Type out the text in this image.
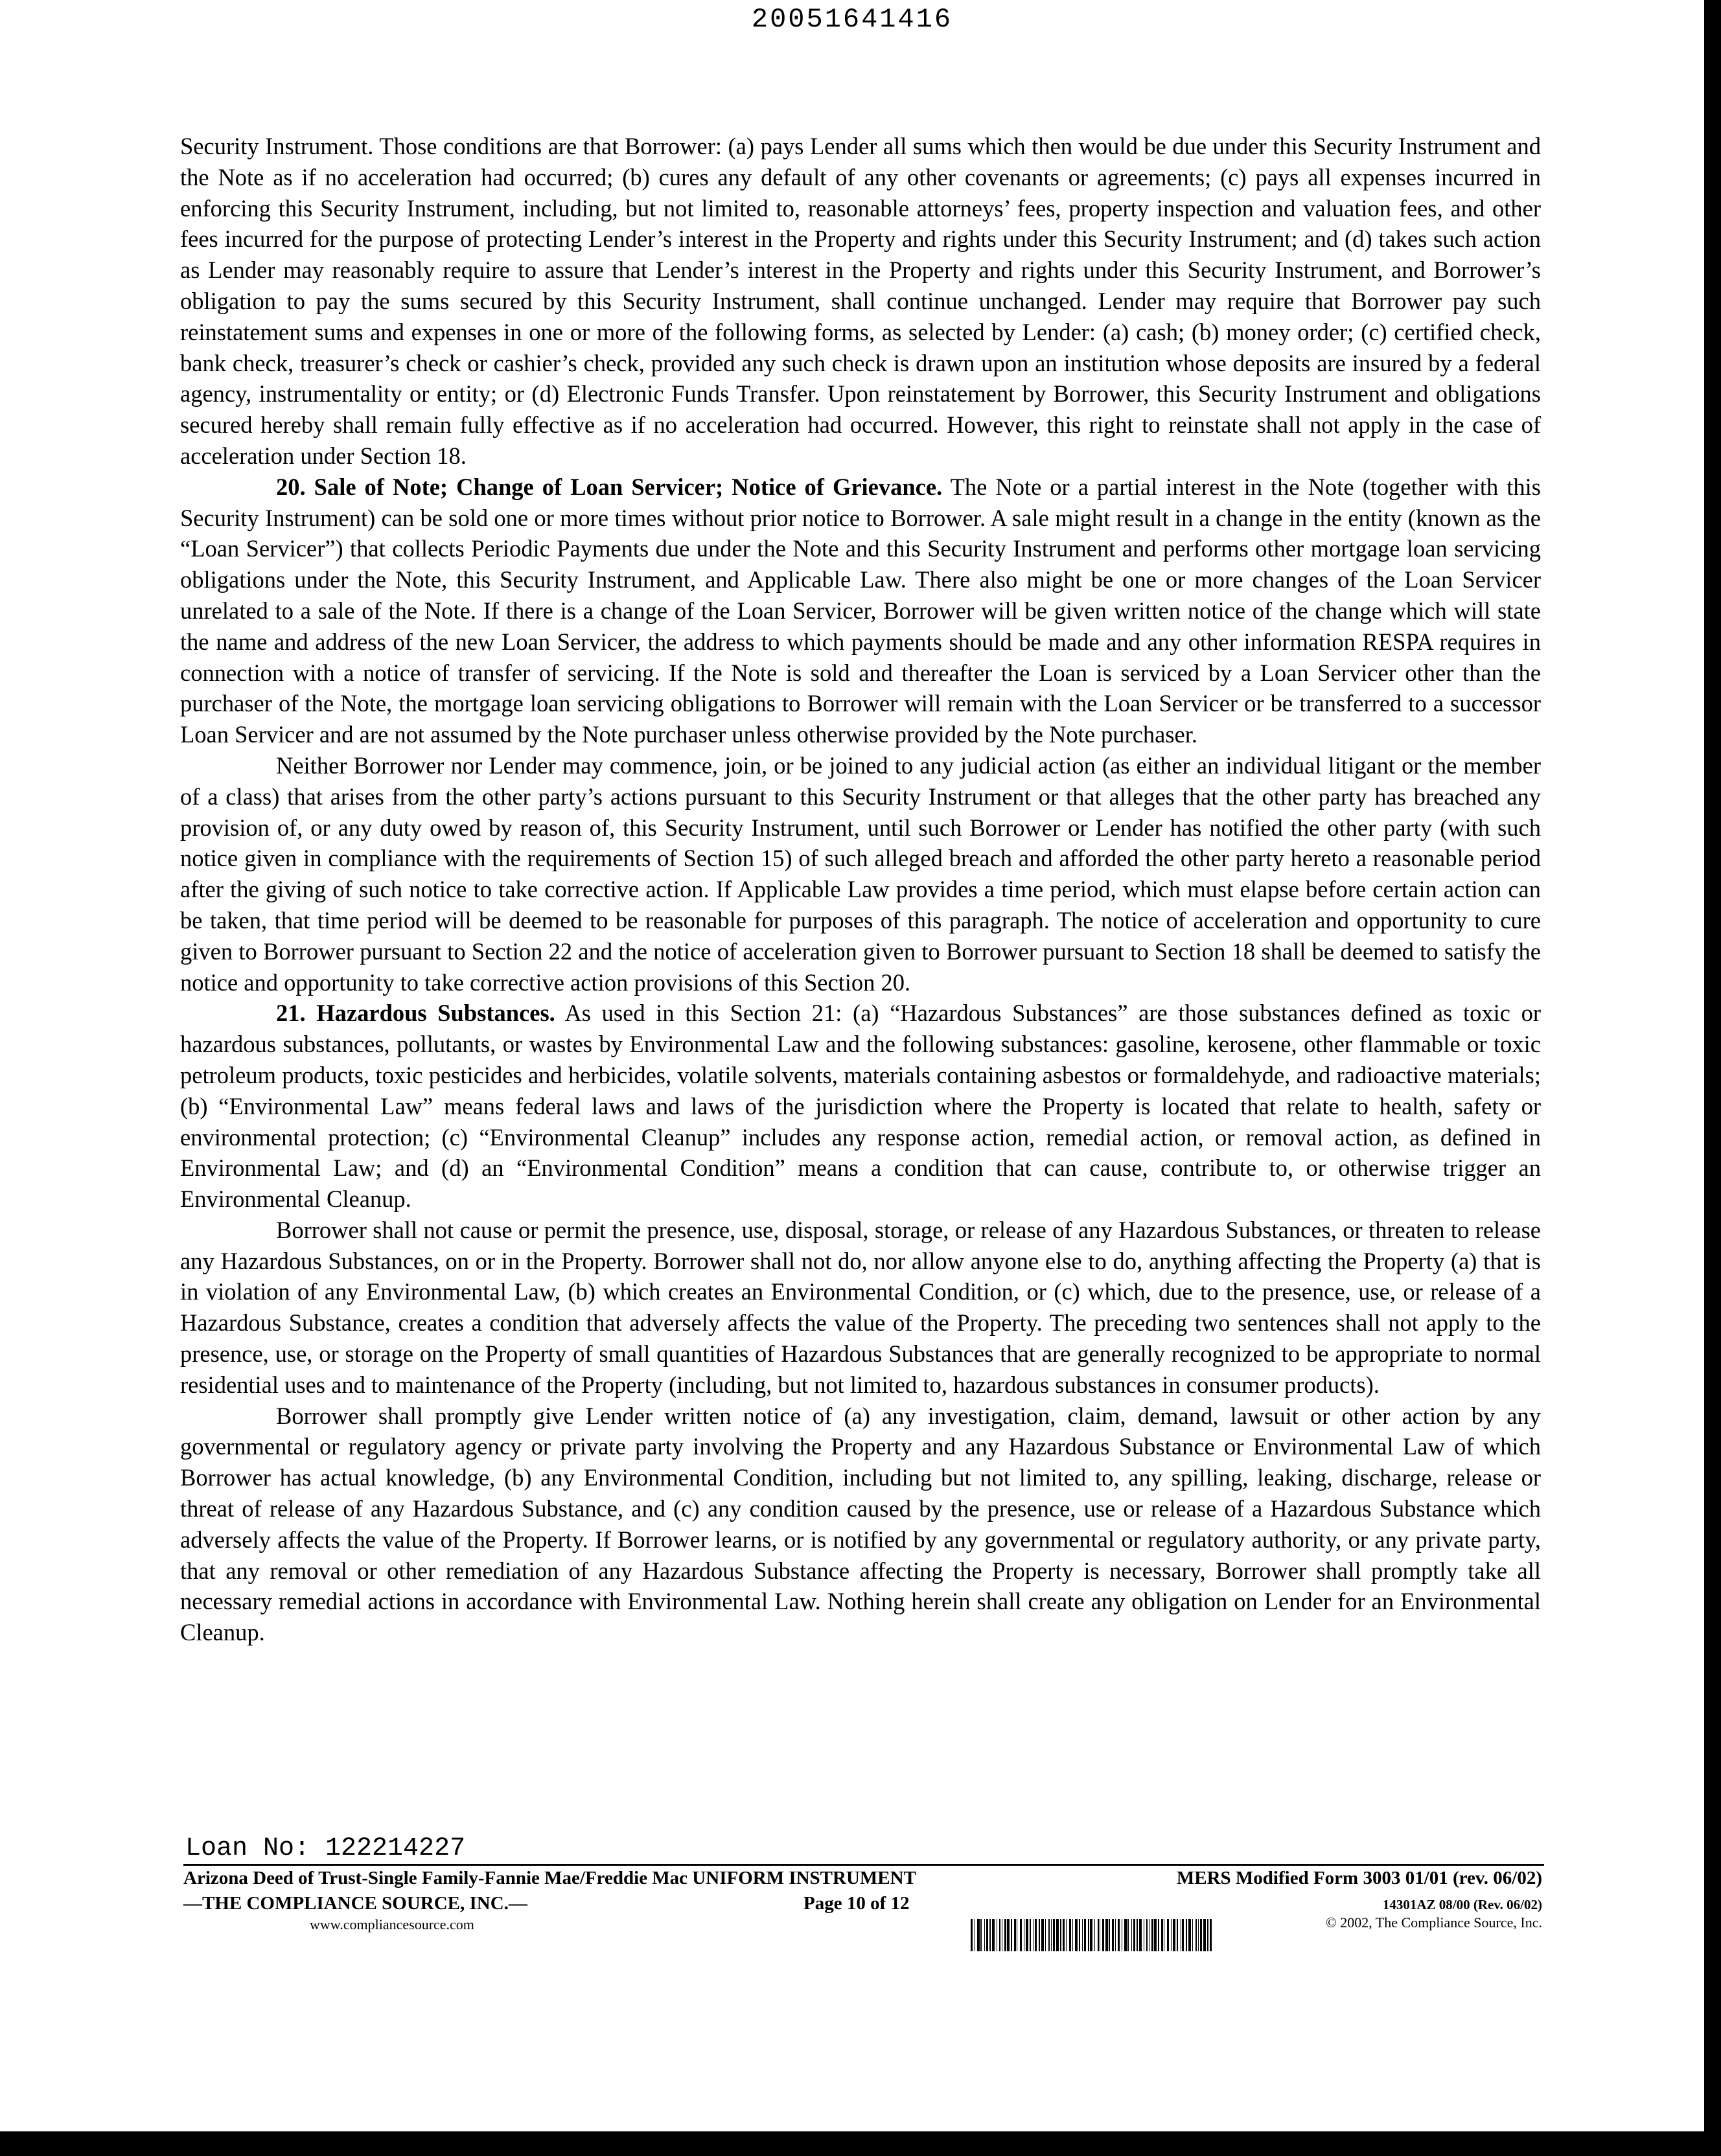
20051641416

Security Instrument. Those conditions are that Borrower: (a) pays Lender all sums which then would be due under this Security Instrument and the Note as if no acceleration had occurred; (b) cures any default of any other covenants or agreements; (c) pays all expenses incurred in enforcing this Security Instrument, including, but not limited to, reasonable attorneys’ fees, property inspection and valuation fees, and other fees incurred for the purpose of protecting Lender’s interest in the Property and rights under this Security Instrument; and (d) takes such action as Lender may reasonably require to assure that Lender’s interest in the Property and rights under this Security Instrument, and Borrower’s obligation to pay the sums secured by this Security Instrument, shall continue unchanged. Lender may require that Borrower pay such reinstatement sums and expenses in one or more of the following forms, as selected by Lender: (a) cash; (b) money order; (c) certified check, bank check, treasurer’s check or cashier’s check, provided any such check is drawn upon an institution whose deposits are insured by a federal agency, instrumentality or entity; or (d) Electronic Funds Transfer. Upon reinstatement by Borrower, this Security Instrument and obligations secured hereby shall remain fully effective as if no acceleration had occurred. However, this right to reinstate shall not apply in the case of acceleration under Section 18.

20. Sale of Note; Change of Loan Servicer; Notice of Grievance. The Note or a partial interest in the Note (together with this Security Instrument) can be sold one or more times without prior notice to Borrower. A sale might result in a change in the entity (known as the “Loan Servicer”) that collects Periodic Payments due under the Note and this Security Instrument and performs other mortgage loan servicing obligations under the Note, this Security Instrument, and Applicable Law. There also might be one or more changes of the Loan Servicer unrelated to a sale of the Note. If there is a change of the Loan Servicer, Borrower will be given written notice of the change which will state the name and address of the new Loan Servicer, the address to which payments should be made and any other information RESPA requires in connection with a notice of transfer of servicing. If the Note is sold and thereafter the Loan is serviced by a Loan Servicer other than the purchaser of the Note, the mortgage loan servicing obligations to Borrower will remain with the Loan Servicer or be transferred to a successor Loan Servicer and are not assumed by the Note purchaser unless otherwise provided by the Note purchaser.

Neither Borrower nor Lender may commence, join, or be joined to any judicial action (as either an individual litigant or the member of a class) that arises from the other party’s actions pursuant to this Security Instrument or that alleges that the other party has breached any provision of, or any duty owed by reason of, this Security Instrument, until such Borrower or Lender has notified the other party (with such notice given in compliance with the requirements of Section 15) of such alleged breach and afforded the other party hereto a reasonable period after the giving of such notice to take corrective action. If Applicable Law provides a time period, which must elapse before certain action can be taken, that time period will be deemed to be reasonable for purposes of this paragraph. The notice of acceleration and opportunity to cure given to Borrower pursuant to Section 22 and the notice of acceleration given to Borrower pursuant to Section 18 shall be deemed to satisfy the notice and opportunity to take corrective action provisions of this Section 20.

21. Hazardous Substances. As used in this Section 21: (a) “Hazardous Substances” are those substances defined as toxic or hazardous substances, pollutants, or wastes by Environmental Law and the following substances: gasoline, kerosene, other flammable or toxic petroleum products, toxic pesticides and herbicides, volatile solvents, materials containing asbestos or formaldehyde, and radioactive materials; (b) “Environmental Law” means federal laws and laws of the jurisdiction where the Property is located that relate to health, safety or environmental protection; (c) “Environmental Cleanup” includes any response action, remedial action, or removal action, as defined in Environmental Law; and (d) an “Environmental Condition” means a condition that can cause, contribute to, or otherwise trigger an Environmental Cleanup.

Borrower shall not cause or permit the presence, use, disposal, storage, or release of any Hazardous Substances, or threaten to release any Hazardous Substances, on or in the Property. Borrower shall not do, nor allow anyone else to do, anything affecting the Property (a) that is in violation of any Environmental Law, (b) which creates an Environmental Condition, or (c) which, due to the presence, use, or release of a Hazardous Substance, creates a condition that adversely affects the value of the Property. The preceding two sentences shall not apply to the presence, use, or storage on the Property of small quantities of Hazardous Substances that are generally recognized to be appropriate to normal residential uses and to maintenance of the Property (including, but not limited to, hazardous substances in consumer products).

Borrower shall promptly give Lender written notice of (a) any investigation, claim, demand, lawsuit or other action by any governmental or regulatory agency or private party involving the Property and any Hazardous Substance or Environmental Law of which Borrower has actual knowledge, (b) any Environmental Condition, including but not limited to, any spilling, leaking, discharge, release or threat of release of any Hazardous Substance, and (c) any condition caused by the presence, use or release of a Hazardous Substance which adversely affects the value of the Property. If Borrower learns, or is notified by any governmental or regulatory authority, or any private party, that any removal or other remediation of any Hazardous Substance affecting the Property is necessary, Borrower shall promptly take all necessary remedial actions in accordance with Environmental Law. Nothing herein shall create any obligation on Lender for an Environmental Cleanup.

Loan No: 122214227
Arizona Deed of Trust-Single Family-Fannie Mae/Freddie Mac UNIFORM INSTRUMENT	MERS Modified Form 3003 01/01 (rev. 06/02)
—THE COMPLIANCE SOURCE, INC.—	Page 10 of 12	14301AZ 08/00 (Rev. 06/02)
www.compliancesource.com	© 2002, The Compliance Source, Inc.
